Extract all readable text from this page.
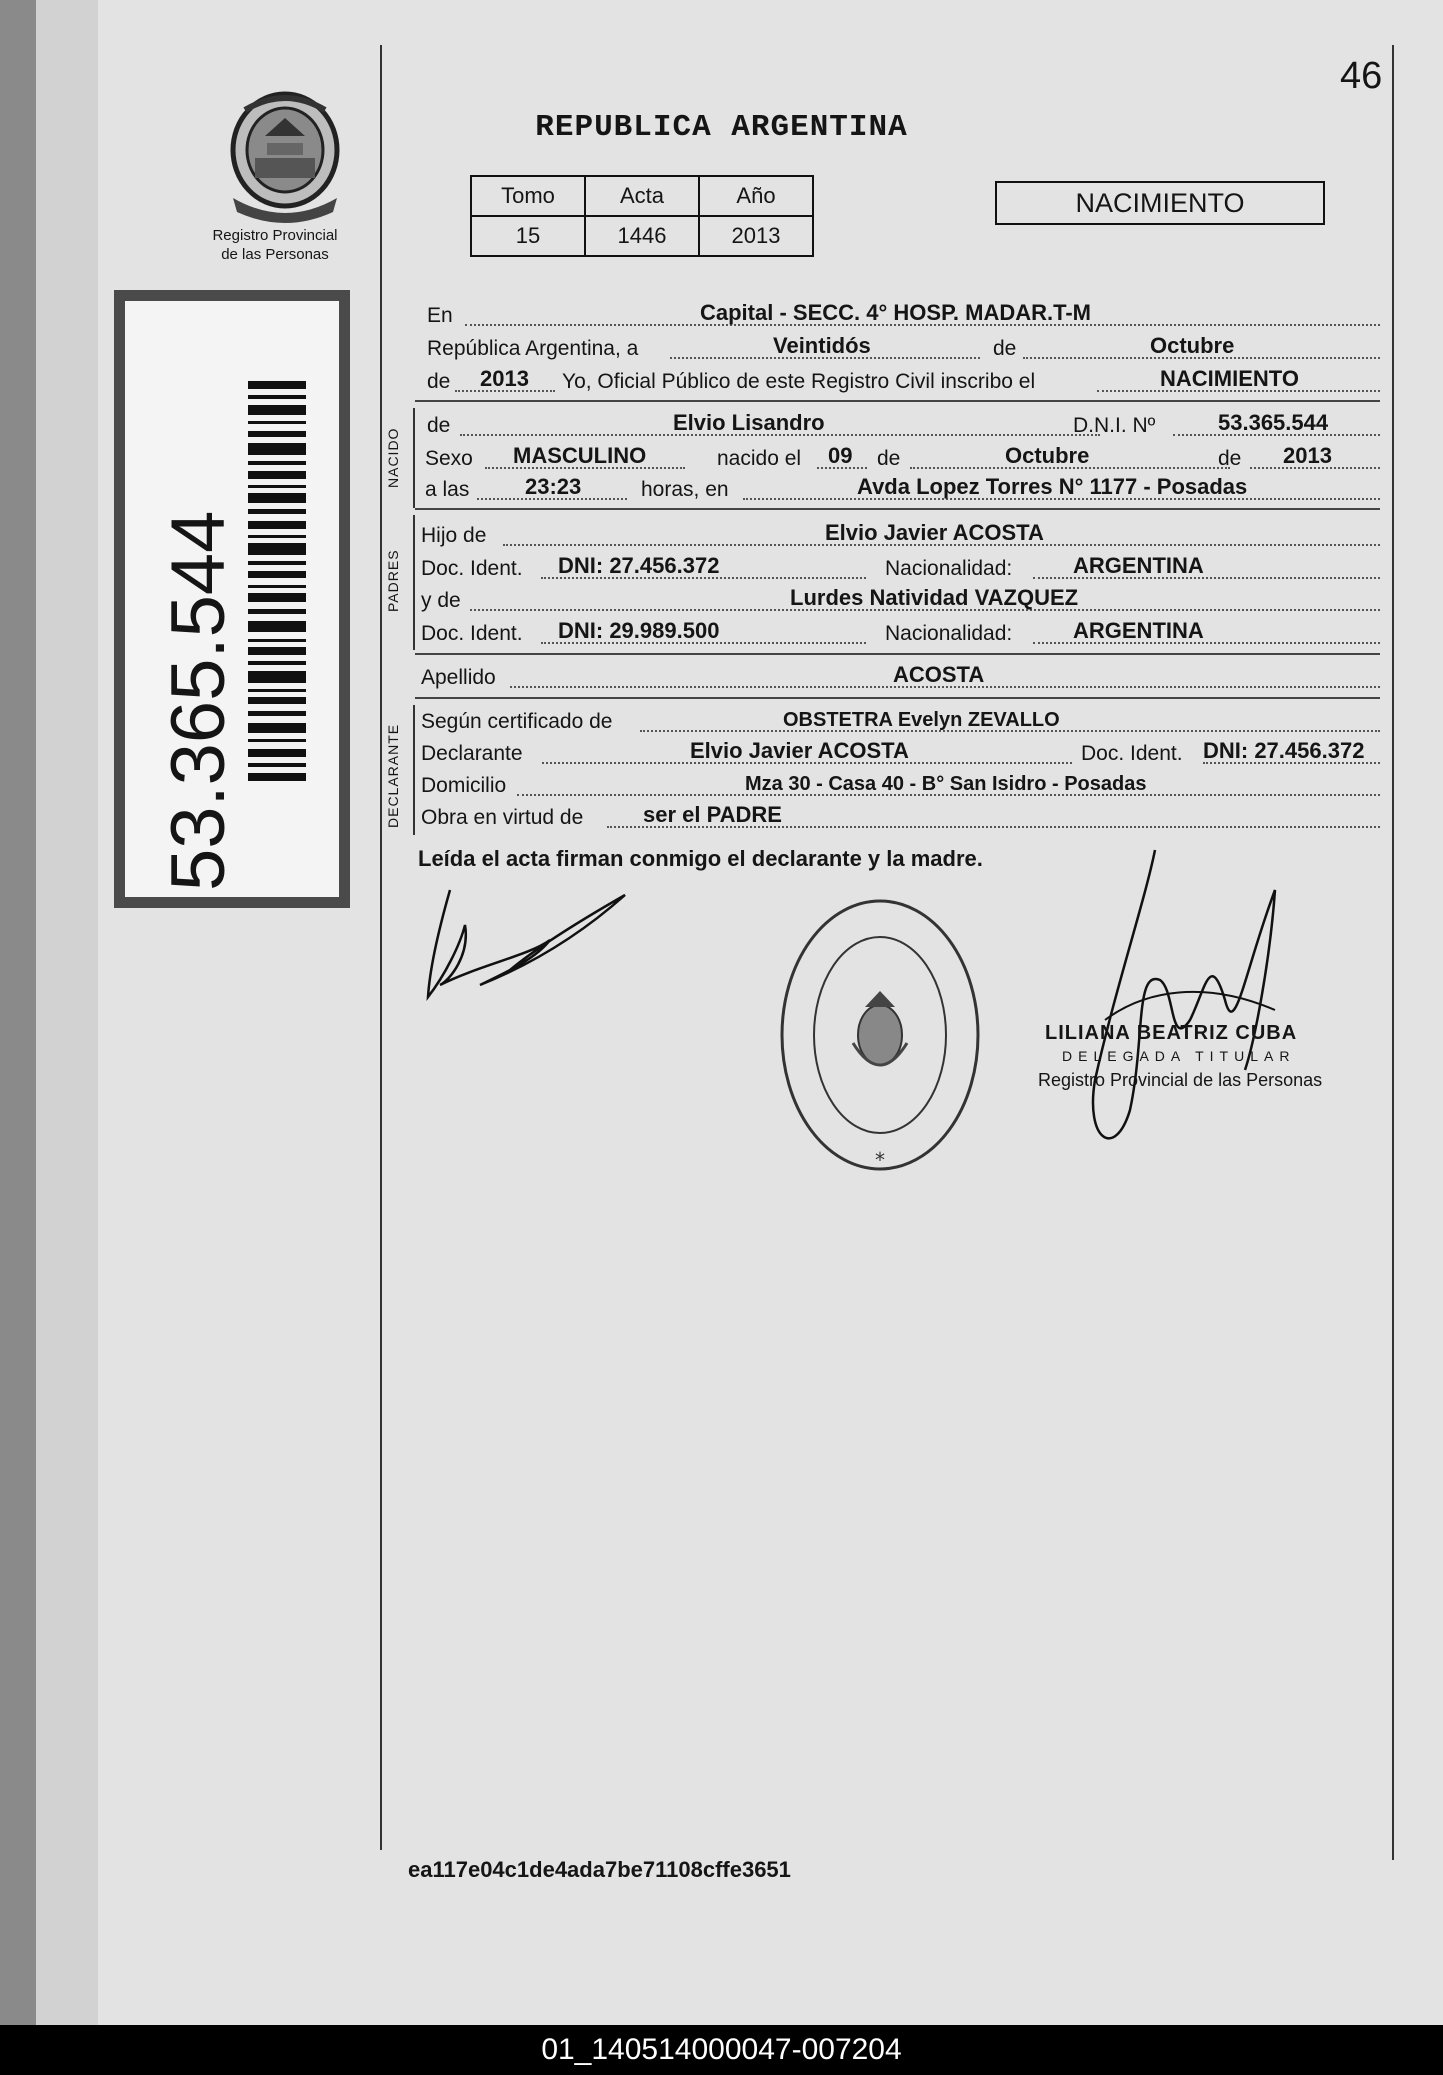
46
REPUBLICA ARGENTINA
Registro Provincial
de las Personas
53.365.544
Tomo	Acta	Año
15	1446	2013
NACIMIENTO
En	Capital - SECC. 4° HOSP. MADAR.T-M
República Argentina, a	Veintidós	de	Octubre
de 2013 Yo, Oficial Público de este Registro Civil inscribo el	NACIMIENTO
NACIDO
de	Elvio Lisandro	D.N.I. Nº	53.365.544
Sexo MASCULINO	nacido el 09 de	Octubre	de 2013
a las	23:23	horas, en	Avda Lopez Torres N° 1177 - Posadas
PADRES
Hijo de	Elvio Javier ACOSTA
Doc. Ident. DNI: 27.456.372	Nacionalidad:	ARGENTINA
y de	Lurdes Natividad VAZQUEZ
Doc. Ident. DNI: 29.989.500	Nacionalidad:	ARGENTINA
Apellido	ACOSTA
DECLARANTE
Según certificado de	OBSTETRA Evelyn ZEVALLO
Declarante	Elvio Javier ACOSTA	Doc. Ident. DNI: 27.456.372
Domicilio	Mza 30 - Casa 40 - B° San Isidro - Posadas
Obra en virtud de	ser el PADRE
Leída el acta firman conmigo el declarante y la madre.
*
LILIANA BEATRIZ CUBA
DELEGADA TITULAR
Registro Provincial de las Personas
ea117e04c1de4ada7be71108cffe3651
01_140514000047-007204
